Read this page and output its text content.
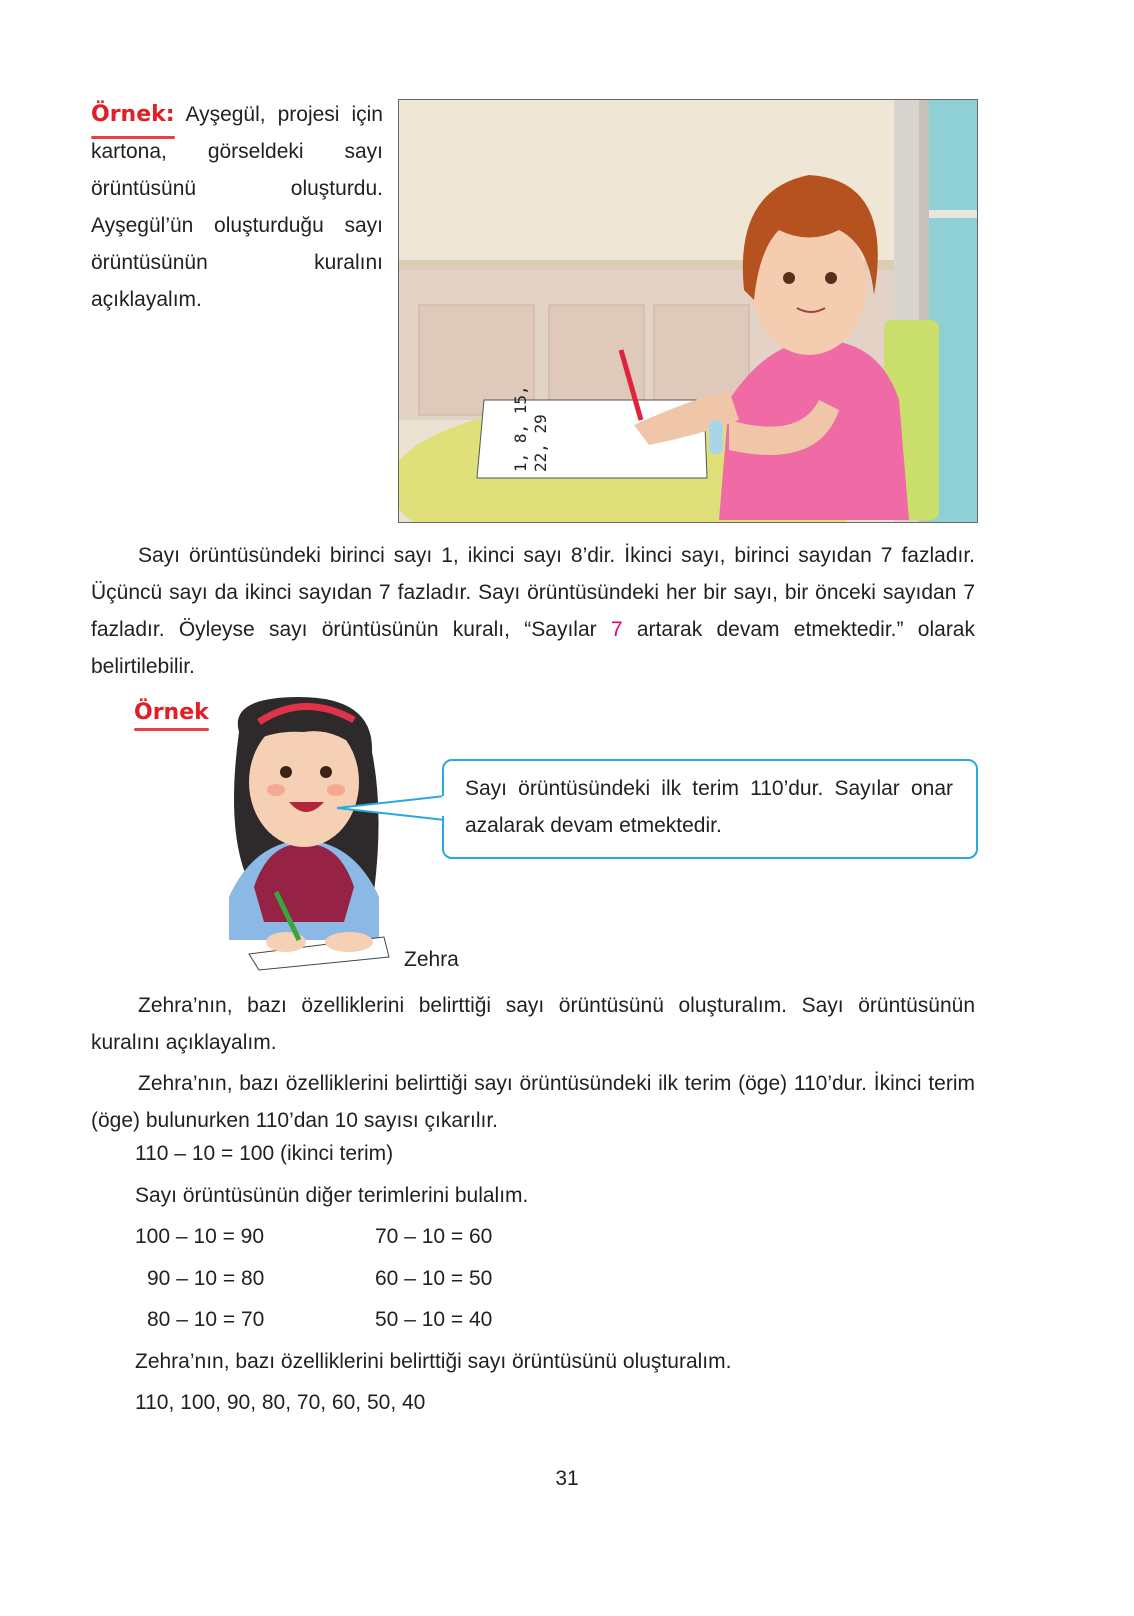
Örnek: Ayşegül, projesi için kartona, görseldeki sayı örüntüsünü oluşturdu. Ayşegül’ün oluşturduğu sayı örüntüsünün kuralını açıklayalım.
1, 8, 15, 22, 29
Sayı örüntüsündeki birinci sayı 1, ikinci sayı 8’dir. İkinci sayı, birinci sayıdan 7 fazladır. Üçüncü sayı da ikinci sayıdan 7 fazladır. Sayı örüntüsündeki her bir sayı, bir önceki sayıdan 7 fazladır. Öyleyse sayı örüntüsünün kuralı, “Sayılar 7 artarak devam etmektedir.” olarak belirtilebilir.
Örnek
Sayı örüntüsündeki ilk terim 110’dur. Sayılar onar azalarak devam etmektedir.
Zehra
Zehra’nın, bazı özelliklerini belirttiği sayı örüntüsünü oluşturalım. Sayı örüntüsünün kuralını açıklayalım.
Zehra’nın, bazı özelliklerini belirttiği sayı örüntüsündeki ilk terim (öge) 110’dur. İkinci terim (öge) bulunurken 110’dan 10 sayısı çıkarılır.
110 – 10 = 100 (ikinci terim)
Sayı örüntüsünün diğer terimlerini bulalım.
100 – 10 = 90
90 – 10 = 80
80 – 10 = 70
70 – 10 = 60
60 – 10 = 50
50 – 10 = 40
Zehra’nın, bazı özelliklerini belirttiği sayı örüntüsünü oluşturalım.
110, 100, 90, 80, 70, 60, 50, 40
31
